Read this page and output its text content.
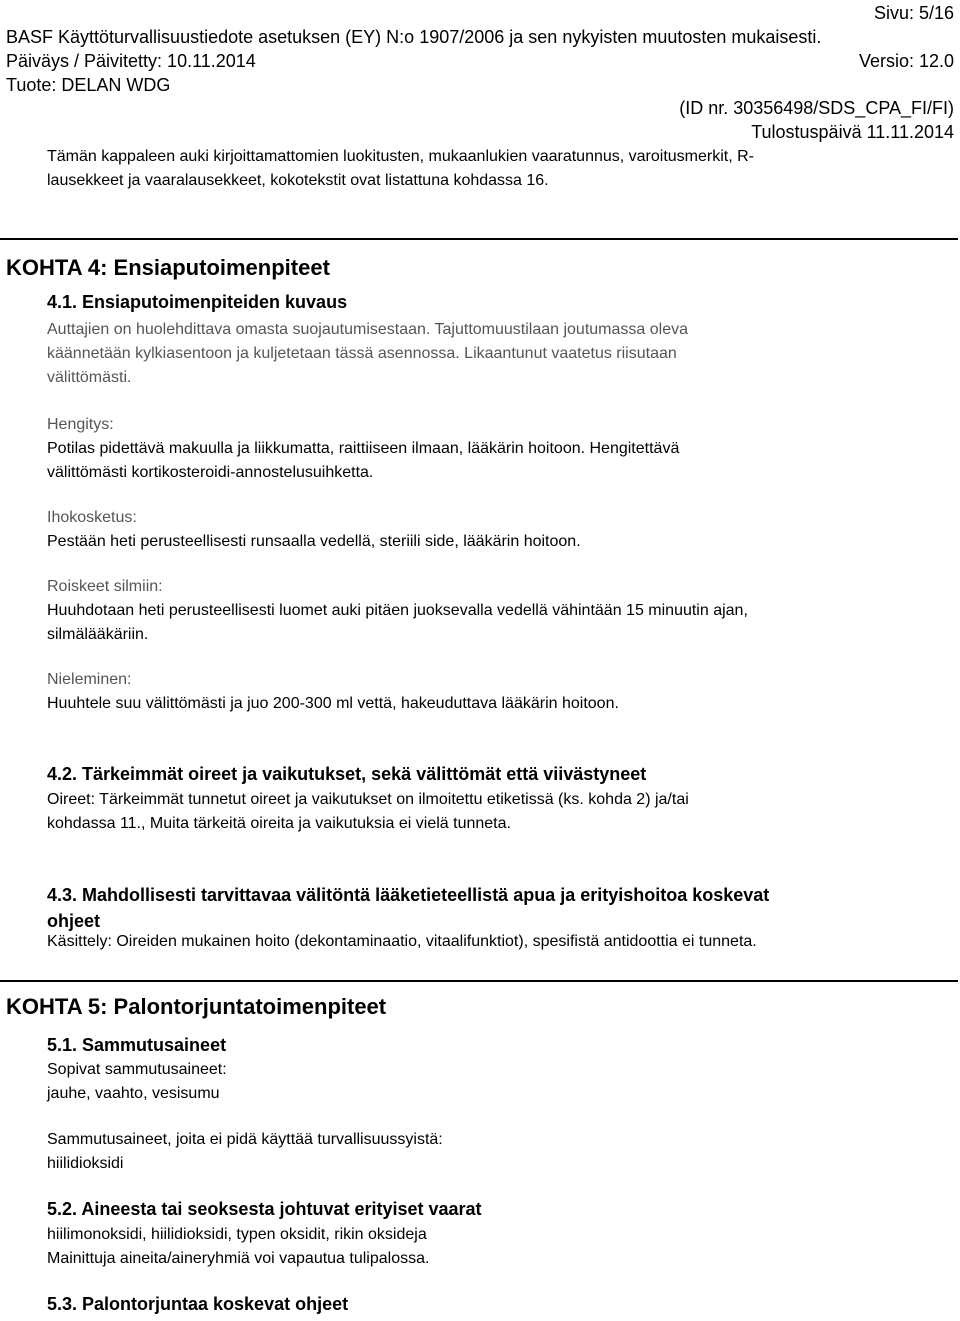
Sivu: 5/16
BASF Käyttöturvallisuustiedote asetuksen (EY) N:o 1907/2006 ja sen nykyisten muutosten mukaisesti.
Päiväys / Päivitetty: 10.11.2014	Versio: 12.0
Tuote: DELAN WDG
(ID nr. 30356498/SDS_CPA_FI/FI)
Tulostuspäivä 11.11.2014
Tämän kappaleen auki kirjoittamattomien luokitusten, mukaanlukien vaaratunnus, varoitusmerkit, R-
lausekkeet ja vaaralausekkeet, kokotekstit ovat listattuna kohdassa 16.
KOHTA 4: Ensiaputoimenpiteet
4.1. Ensiaputoimenpiteiden kuvaus
Auttajien on huolehdittava omasta suojautumisestaan. Tajuttomuustilaan joutumassa oleva
käännetään kylkiasentoon ja kuljetetaan tässä asennossa. Likaantunut vaatetus riisutaan
välittömästi.
Hengitys:
Potilas pidettävä makuulla ja liikkumatta, raittiiseen ilmaan, lääkärin hoitoon. Hengitettävä
välittömästi kortikosteroidi-annostelusuihketta.
Ihokosketus:
Pestään heti perusteellisesti runsaalla vedellä, steriili side, lääkärin hoitoon.
Roiskeet silmiin:
Huuhdotaan heti perusteellisesti luomet auki pitäen juoksevalla vedellä vähintään 15 minuutin ajan,
silmälääkäriin.
Nieleminen:
Huuhtele suu välittömästi ja juo 200-300 ml vettä, hakeuduttava lääkärin hoitoon.
4.2. Tärkeimmät oireet ja vaikutukset, sekä välittömät että viivästyneet
Oireet: Tärkeimmät tunnetut oireet ja vaikutukset on ilmoitettu etiketissä (ks. kohda 2) ja/tai
kohdassa 11., Muita tärkeitä oireita ja vaikutuksia ei vielä tunneta.
4.3. Mahdollisesti tarvittavaa välitöntä lääketieteellistä apua ja erityishoitoa koskevat
ohjeet
Käsittely: Oireiden mukainen hoito (dekontaminaatio, vitaalifunktiot), spesifistä antidoottia ei tunneta.
KOHTA 5: Palontorjuntatoimenpiteet
5.1. Sammutusaineet
Sopivat sammutusaineet:
jauhe, vaahto, vesisumu
Sammutusaineet, joita ei pidä käyttää turvallisuussyistä:
hiilidioksidi
5.2. Aineesta tai seoksesta johtuvat erityiset vaarat
hiilimonoksidi, hiilidioksidi, typen oksidit, rikin oksideja
Mainittuja aineita/aineryhmiä voi vapautua tulipalossa.
5.3. Palontorjuntaa koskevat ohjeet
